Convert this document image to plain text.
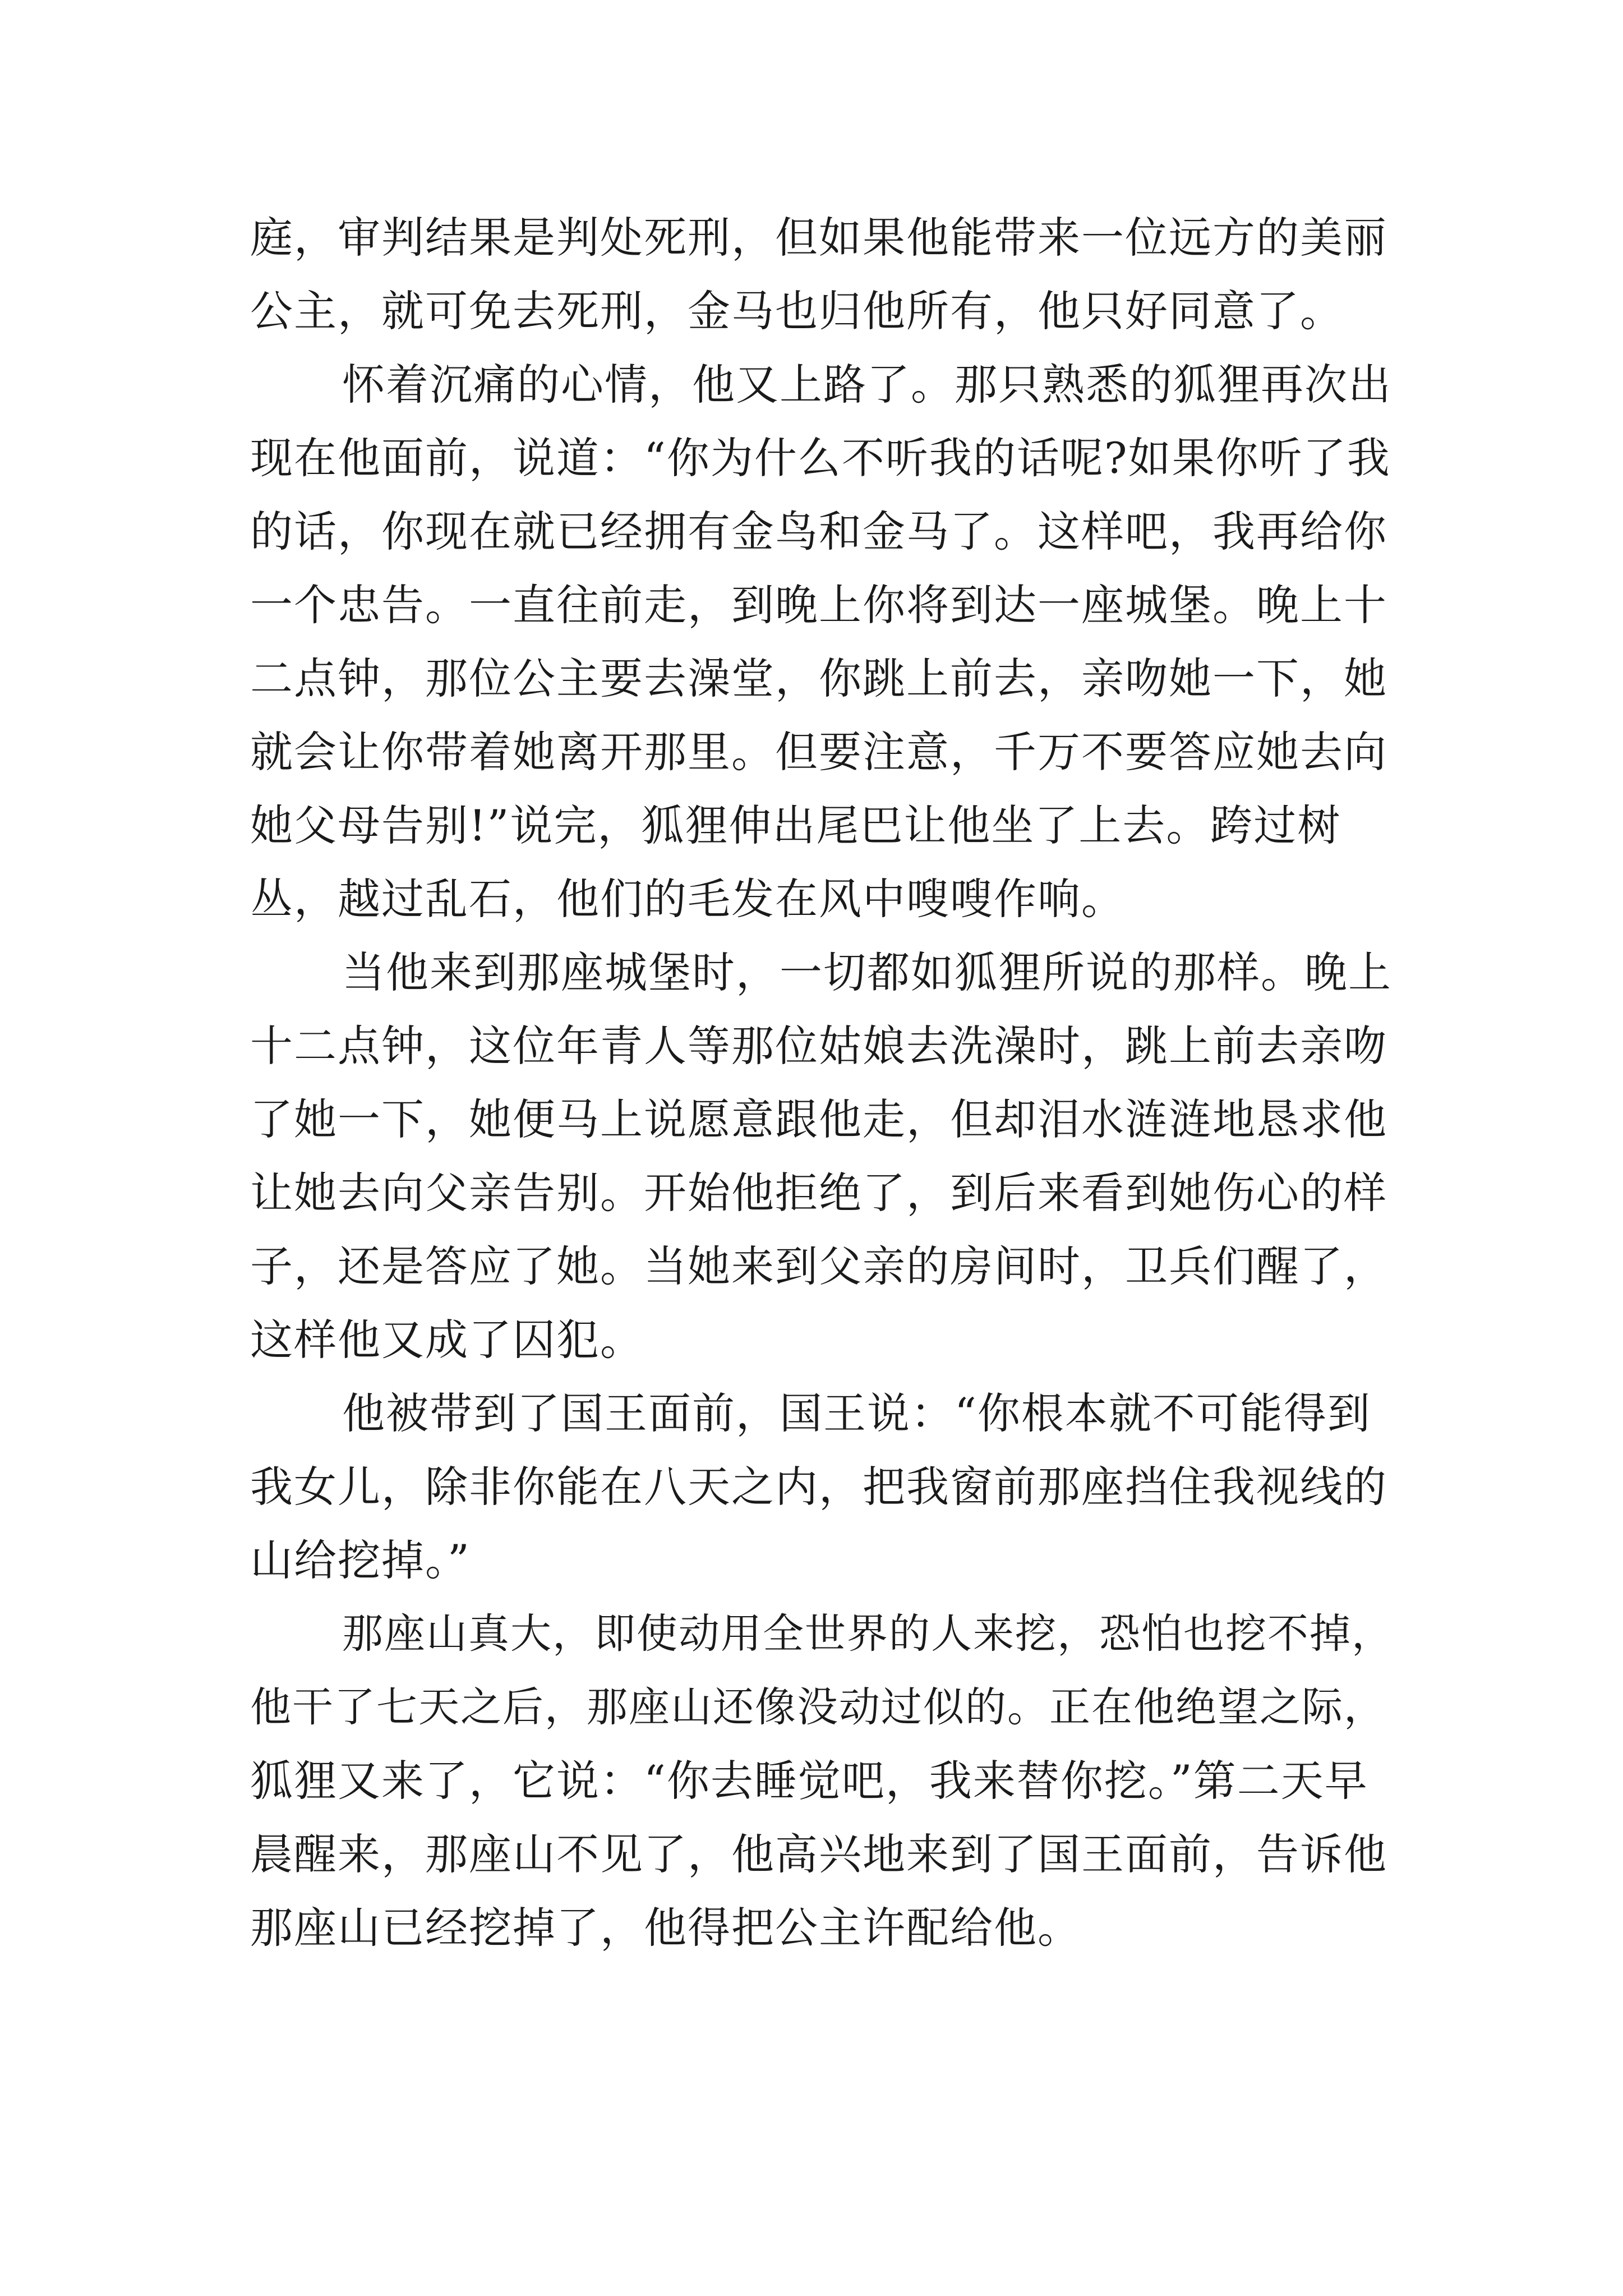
庭，审判结果是判处死刑，但如果他能带来一位远方的美丽
公主，就可免去死刑，金马也归他所有，他只好同意了。
怀着沉痛的心情，他又上路了。那只熟悉的狐狸再次出
现在他面前，说道：“你为什么不听我的话呢?如果你听了我
的话，你现在就已经拥有金鸟和金马了。这样吧，我再给你
一个忠告。一直往前走，到晚上你将到达一座城堡。晚上十
二点钟，那位公主要去澡堂，你跳上前去，亲吻她一下，她
就会让你带着她离开那里。但要注意，千万不要答应她去向
她父母告别!”说完，狐狸伸出尾巴让他坐了上去。跨过树
丛，越过乱石，他们的毛发在风中嗖嗖作响。
当他来到那座城堡时，一切都如狐狸所说的那样。晚上
十二点钟，这位年青人等那位姑娘去洗澡时，跳上前去亲吻
了她一下，她便马上说愿意跟他走，但却泪水涟涟地恳求他
让她去向父亲告别。开始他拒绝了，到后来看到她伤心的样
子，还是答应了她。当她来到父亲的房间时，卫兵们醒了，
这样他又成了囚犯。
他被带到了国王面前，国王说：“你根本就不可能得到
我女儿，除非你能在八天之内，把我窗前那座挡住我视线的
山给挖掉。”
那座山真大，即使动用全世界的人来挖，恐怕也挖不掉，
他干了七天之后，那座山还像没动过似的。正在他绝望之际，
狐狸又来了，它说：“你去睡觉吧，我来替你挖。”第二天早
晨醒来，那座山不见了，他高兴地来到了国王面前，告诉他
那座山已经挖掉了，他得把公主许配给他。
